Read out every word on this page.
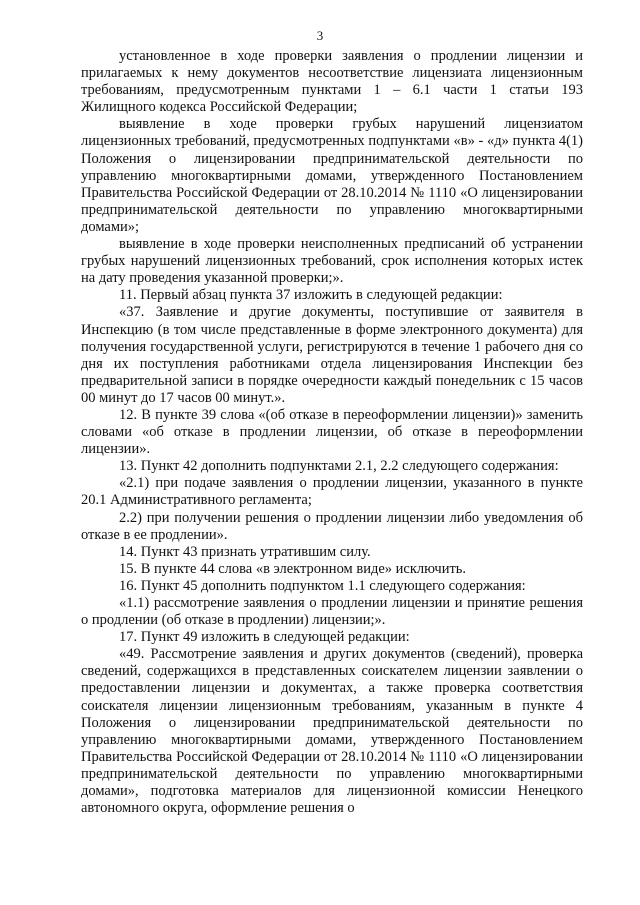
3

установленное в ходе проверки заявления о продлении лицензии и прилагаемых к нему документов несоответствие лицензиата лицензионным требованиям, предусмотренным пунктами 1 – 6.1 части 1 статьи 193 Жилищного кодекса Российской Федерации;

выявление в ходе проверки грубых нарушений лицензиатом лицензионных требований, предусмотренных подпунктами «в» - «д» пункта 4(1) Положения о лицензировании предпринимательской деятельности по управлению многоквартирными домами, утвержденного Постановлением Правительства Российской Федерации от 28.10.2014 № 1110 «О лицензировании предпринимательской деятельности по управлению многоквартирными домами»;

выявление в ходе проверки неисполненных предписаний об устранении грубых нарушений лицензионных требований, срок исполнения которых истек на дату проведения указанной проверки;».

11. Первый абзац пункта 37 изложить в следующей редакции:

«37. Заявление и другие документы, поступившие от заявителя в Инспекцию (в том числе представленные в форме электронного документа) для получения государственной услуги, регистрируются в течение 1 рабочего дня со дня их поступления работниками отдела лицензирования Инспекции без предварительной записи в порядке очередности каждый понедельник с 15 часов 00 минут до 17 часов 00 минут.».

12. В пункте 39 слова «(об отказе в переоформлении лицензии)» заменить словами «об отказе в продлении лицензии, об отказе в переоформлении лицензии».

13. Пункт 42 дополнить подпунктами 2.1, 2.2 следующего содержания:

«2.1) при подаче заявления о продлении лицензии, указанного в пункте 20.1 Административного регламента;

2.2) при получении решения о продлении лицензии либо уведомления об отказе в ее продлении».

14. Пункт 43 признать утратившим силу.

15. В пункте 44 слова «в электронном виде» исключить.

16. Пункт 45 дополнить подпунктом 1.1 следующего содержания:

«1.1) рассмотрение заявления о продлении лицензии и принятие решения о продлении (об отказе в продлении) лицензии;».

17. Пункт 49 изложить в следующей редакции:

«49. Рассмотрение заявления и других документов (сведений), проверка сведений, содержащихся в представленных соискателем лицензии заявлении о предоставлении лицензии и документах, а также проверка соответствия соискателя лицензии лицензионным требованиям, указанным в пункте 4 Положения о лицензировании предпринимательской деятельности по управлению многоквартирными домами, утвержденного Постановлением Правительства Российской Федерации от 28.10.2014 № 1110 «О лицензировании предпринимательской деятельности по управлению многоквартирными домами», подготовка материалов для лицензионной комиссии Ненецкого автономного округа, оформление решения о
